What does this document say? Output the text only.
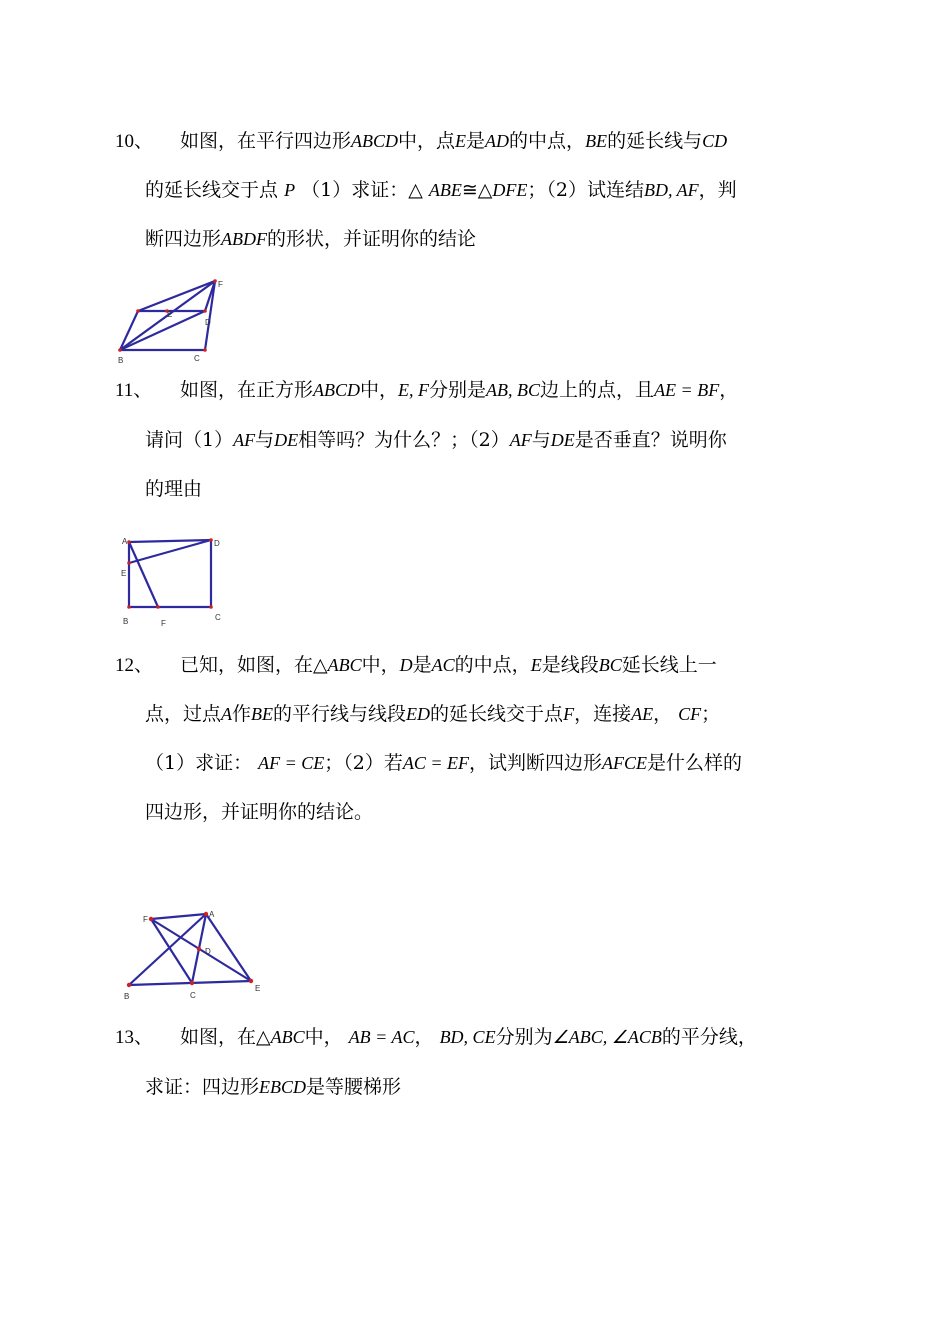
10、 如图，在平行四边形ABCD中，点E是AD的中点，BE的延长线与CD
的延长线交于点 P （1）求证：△ ABE≅△DFE；（2）试连结BD, AF，判
断四边形ABDF的形状，并证明你的结论
F
E
D
B	C
11、 如图，在正方形ABCD中，E, F分别是AB, BC边上的点，且AE = BF，
请问（1）AF与DE相等吗？为什么？；（2）AF与DE是否垂直？说明你
的理由
A	D
E
B	F
C
12、 已知，如图，在△ABC中，D是AC的中点，E是线段BC延长线上一
点，过点A作BE的平行线与线段ED的延长线交于点F，连接AE， CF；
（1）求证： AF = CE；（2）若AC = EF，试判断四边形AFCE是什么样的
四边形，并证明你的结论。
F
A
D
B	C
E
13、 如图，在△ABC中， AB = AC， BD, CE分别为∠ABC, ∠ACB的平分线，
求证：四边形EBCD是等腰梯形
